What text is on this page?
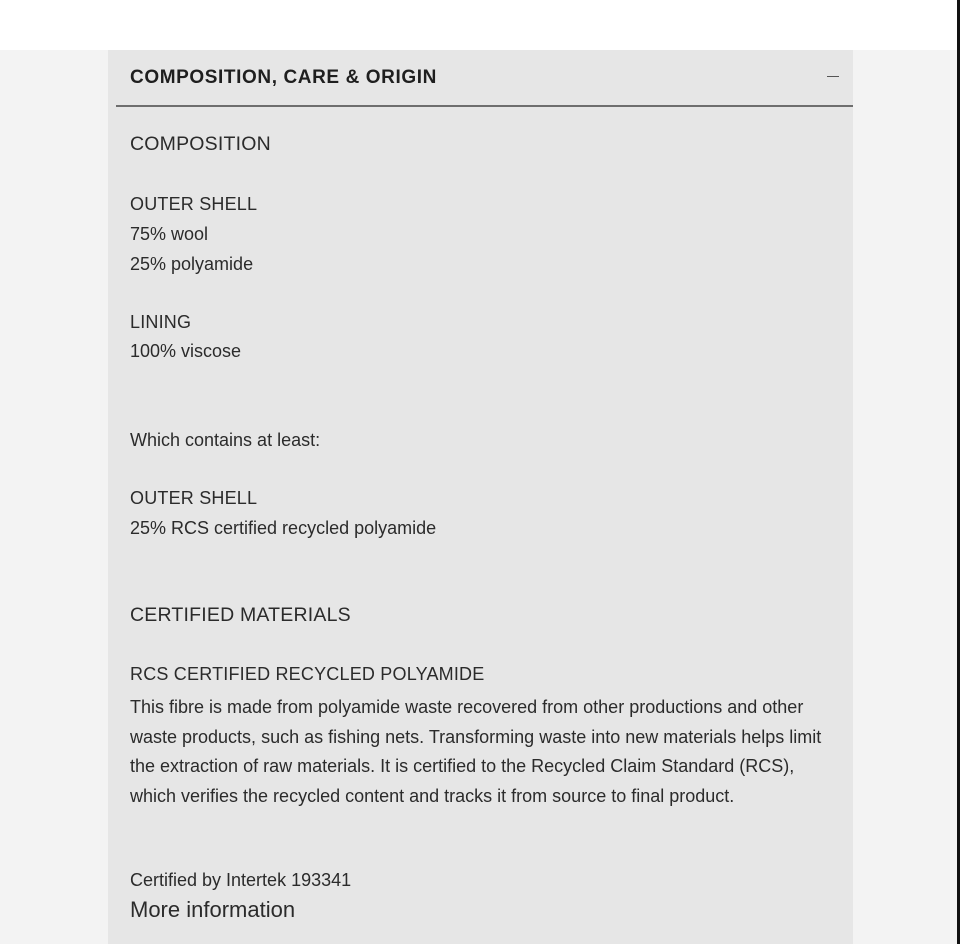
COMPOSITION, CARE & ORIGIN
COMPOSITION
OUTER SHELL
75% wool
25% polyamide
LINING
100% viscose
Which contains at least:
OUTER SHELL
25% RCS certified recycled polyamide
CERTIFIED MATERIALS
RCS CERTIFIED RECYCLED POLYAMIDE
This fibre is made from polyamide waste recovered from other productions and other waste products, such as fishing nets. Transforming waste into new materials helps limit the extraction of raw materials. It is certified to the Recycled Claim Standard (RCS), which verifies the recycled content and tracks it from source to final product.
Certified by Intertek 193341
More information
